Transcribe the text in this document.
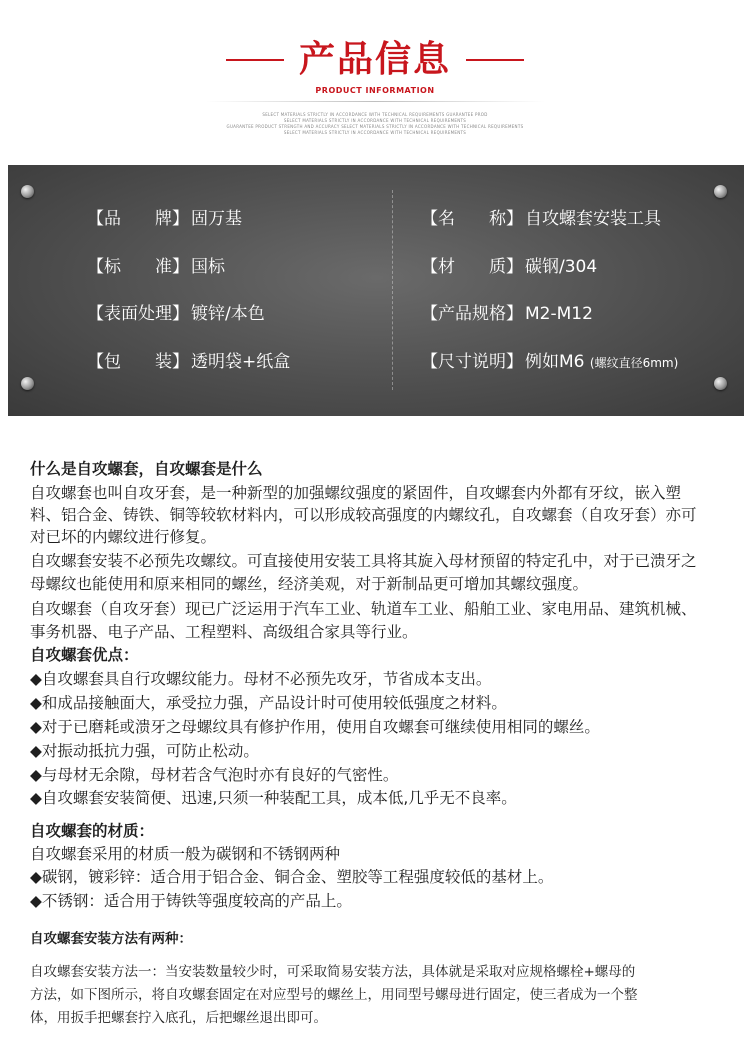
产品信息
PRODUCT INFORMATION
SELECT MATERIALS STRICTLY IN ACCORDANCE WITH TECHNICAL REQUIREMENTS GUARANTEE PROD
SELECT MATERIALS STRICTLY IN ACCORDANCE WITH TECHNICAL REQUIREMENTS
GUARANTEE PRODUCT STRENGTH AND ACCURACY SELECT MATERIALS STRICTLY IN ACCORDANCE WITH TECHNICAL REQUIREMENTS
SELECT MATERIALS STRICTLY IN ACCORDANCE WITH TECHNICAL REQUIREMENTS
【品　　牌】 固万基	【名　　称】 自攻螺套安装工具
【标　　准】 国标	【材　　质】 碳钢/304
【表面处理】 镀锌/本色	【产品规格】 M2-M12
【包　　装】 透明袋+纸盒	【尺寸说明】 例如M6 (螺纹直径6mm)
什么是自攻螺套，自攻螺套是什么
自攻螺套也叫自攻牙套，是一种新型的加强螺纹强度的紧固件，自攻螺套内外都有牙纹，嵌入塑
料、铝合金、铸铁、铜等较软材料内，可以形成较高强度的内螺纹孔，自攻螺套（自攻牙套）亦可
对已坏的内螺纹进行修复。
自攻螺套安装不必预先攻螺纹。可直接使用安装工具将其旋入母材预留的特定孔中，对于已溃牙之
母螺纹也能使用和原来相同的螺丝，经济美观，对于新制品更可增加其螺纹强度。
自攻螺套（自攻牙套）现已广泛运用于汽车工业、轨道车工业、船舶工业、家电用品、建筑机械、
事务机器、电子产品、工程塑料、高级组合家具等行业。
自攻螺套优点：
◆自攻螺套具自行攻螺纹能力。母材不必预先攻牙，节省成本支出。
◆和成品接触面大，承受拉力强，产品设计时可使用较低强度之材料。
◆对于已磨耗或溃牙之母螺纹具有修护作用，使用自攻螺套可继续使用相同的螺丝。
◆对振动抵抗力强，可防止松动。
◆与母材无余隙，母材若含气泡时亦有良好的气密性。
◆自攻螺套安装简便、迅速,只须一种装配工具，成本低,几乎无不良率。
自攻螺套的材质：
自攻螺套采用的材质一般为碳钢和不锈钢两种
◆碳钢，镀彩锌：适合用于铝合金、铜合金、塑胶等工程强度较低的基材上。
◆不锈钢：适合用于铸铁等强度较高的产品上。
自攻螺套安装方法有两种：
自攻螺套安装方法一：当安装数量较少时，可采取简易安装方法，具体就是采取对应规格螺栓+螺母的
方法，如下图所示，将自攻螺套固定在对应型号的螺丝上，用同型号螺母进行固定，使三者成为一个整
体，用扳手把螺套拧入底孔，后把螺丝退出即可。
